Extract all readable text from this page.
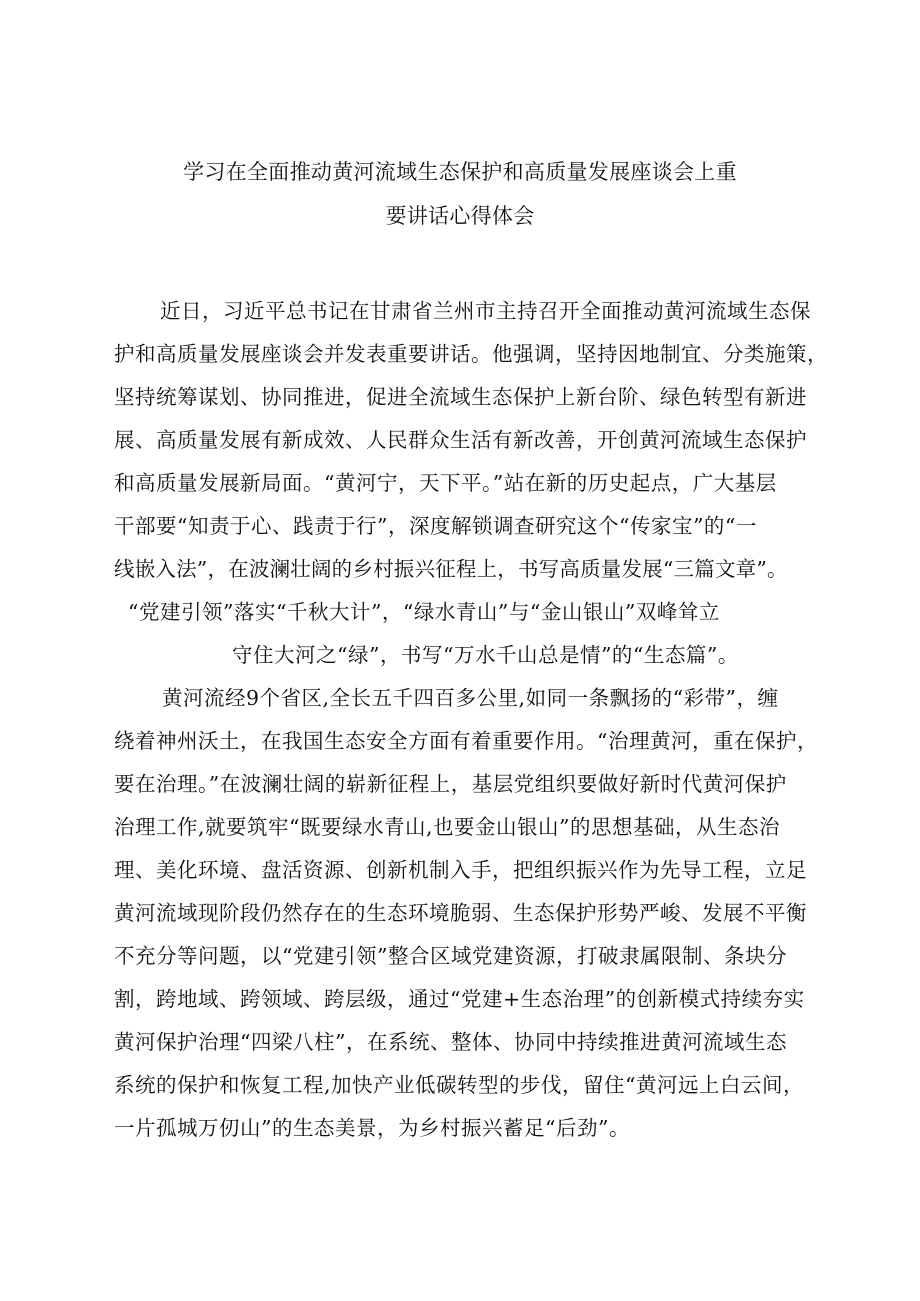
学习在全面推动黄河流域生态保护和高质量发展座谈会上重
要讲话心得体会
近日，习近平总书记在甘肃省兰州市主持召开全面推动黄河流域生态保
护和高质量发展座谈会并发表重要讲话。他强调，坚持因地制宜、分类施策，
坚持统筹谋划、协同推进，促进全流域生态保护上新台阶、绿色转型有新进
展、高质量发展有新成效、人民群众生活有新改善，开创黄河流域生态保护
和高质量发展新局面。“黄河宁，天下平。”站在新的历史起点，广大基层
干部要“知责于心、践责于行”，深度解锁调查研究这个“传家宝”的“一
线嵌入法”，在波澜壮阔的乡村振兴征程上，书写高质量发展“三篇文章”。
“党建引领”落实“千秋大计”，“绿水青山”与“金山银山”双峰耸立
守住大河之“绿”，书写“万水千山总是情”的“生态篇”。
黄河流经9个省区,全长五千四百多公里,如同一条飘扬的“彩带”，缠
绕着神州沃土，在我国生态安全方面有着重要作用。“治理黄河，重在保护，
要在治理。”在波澜壮阔的崭新征程上，基层党组织要做好新时代黄河保护
治理工作,就要筑牢“既要绿水青山,也要金山银山”的思想基础，从生态治
理、美化环境、盘活资源、创新机制入手，把组织振兴作为先导工程，立足
黄河流域现阶段仍然存在的生态环境脆弱、生态保护形势严峻、发展不平衡
不充分等问题，以“党建引领”整合区域党建资源，打破隶属限制、条块分
割，跨地域、跨领域、跨层级，通过“党建+生态治理”的创新模式持续夯实
黄河保护治理“四梁八柱”，在系统、整体、协同中持续推进黄河流域生态
系统的保护和恢复工程,加快产业低碳转型的步伐，留住“黄河远上白云间，
一片孤城万仞山”的生态美景，为乡村振兴蓄足“后劲”。
